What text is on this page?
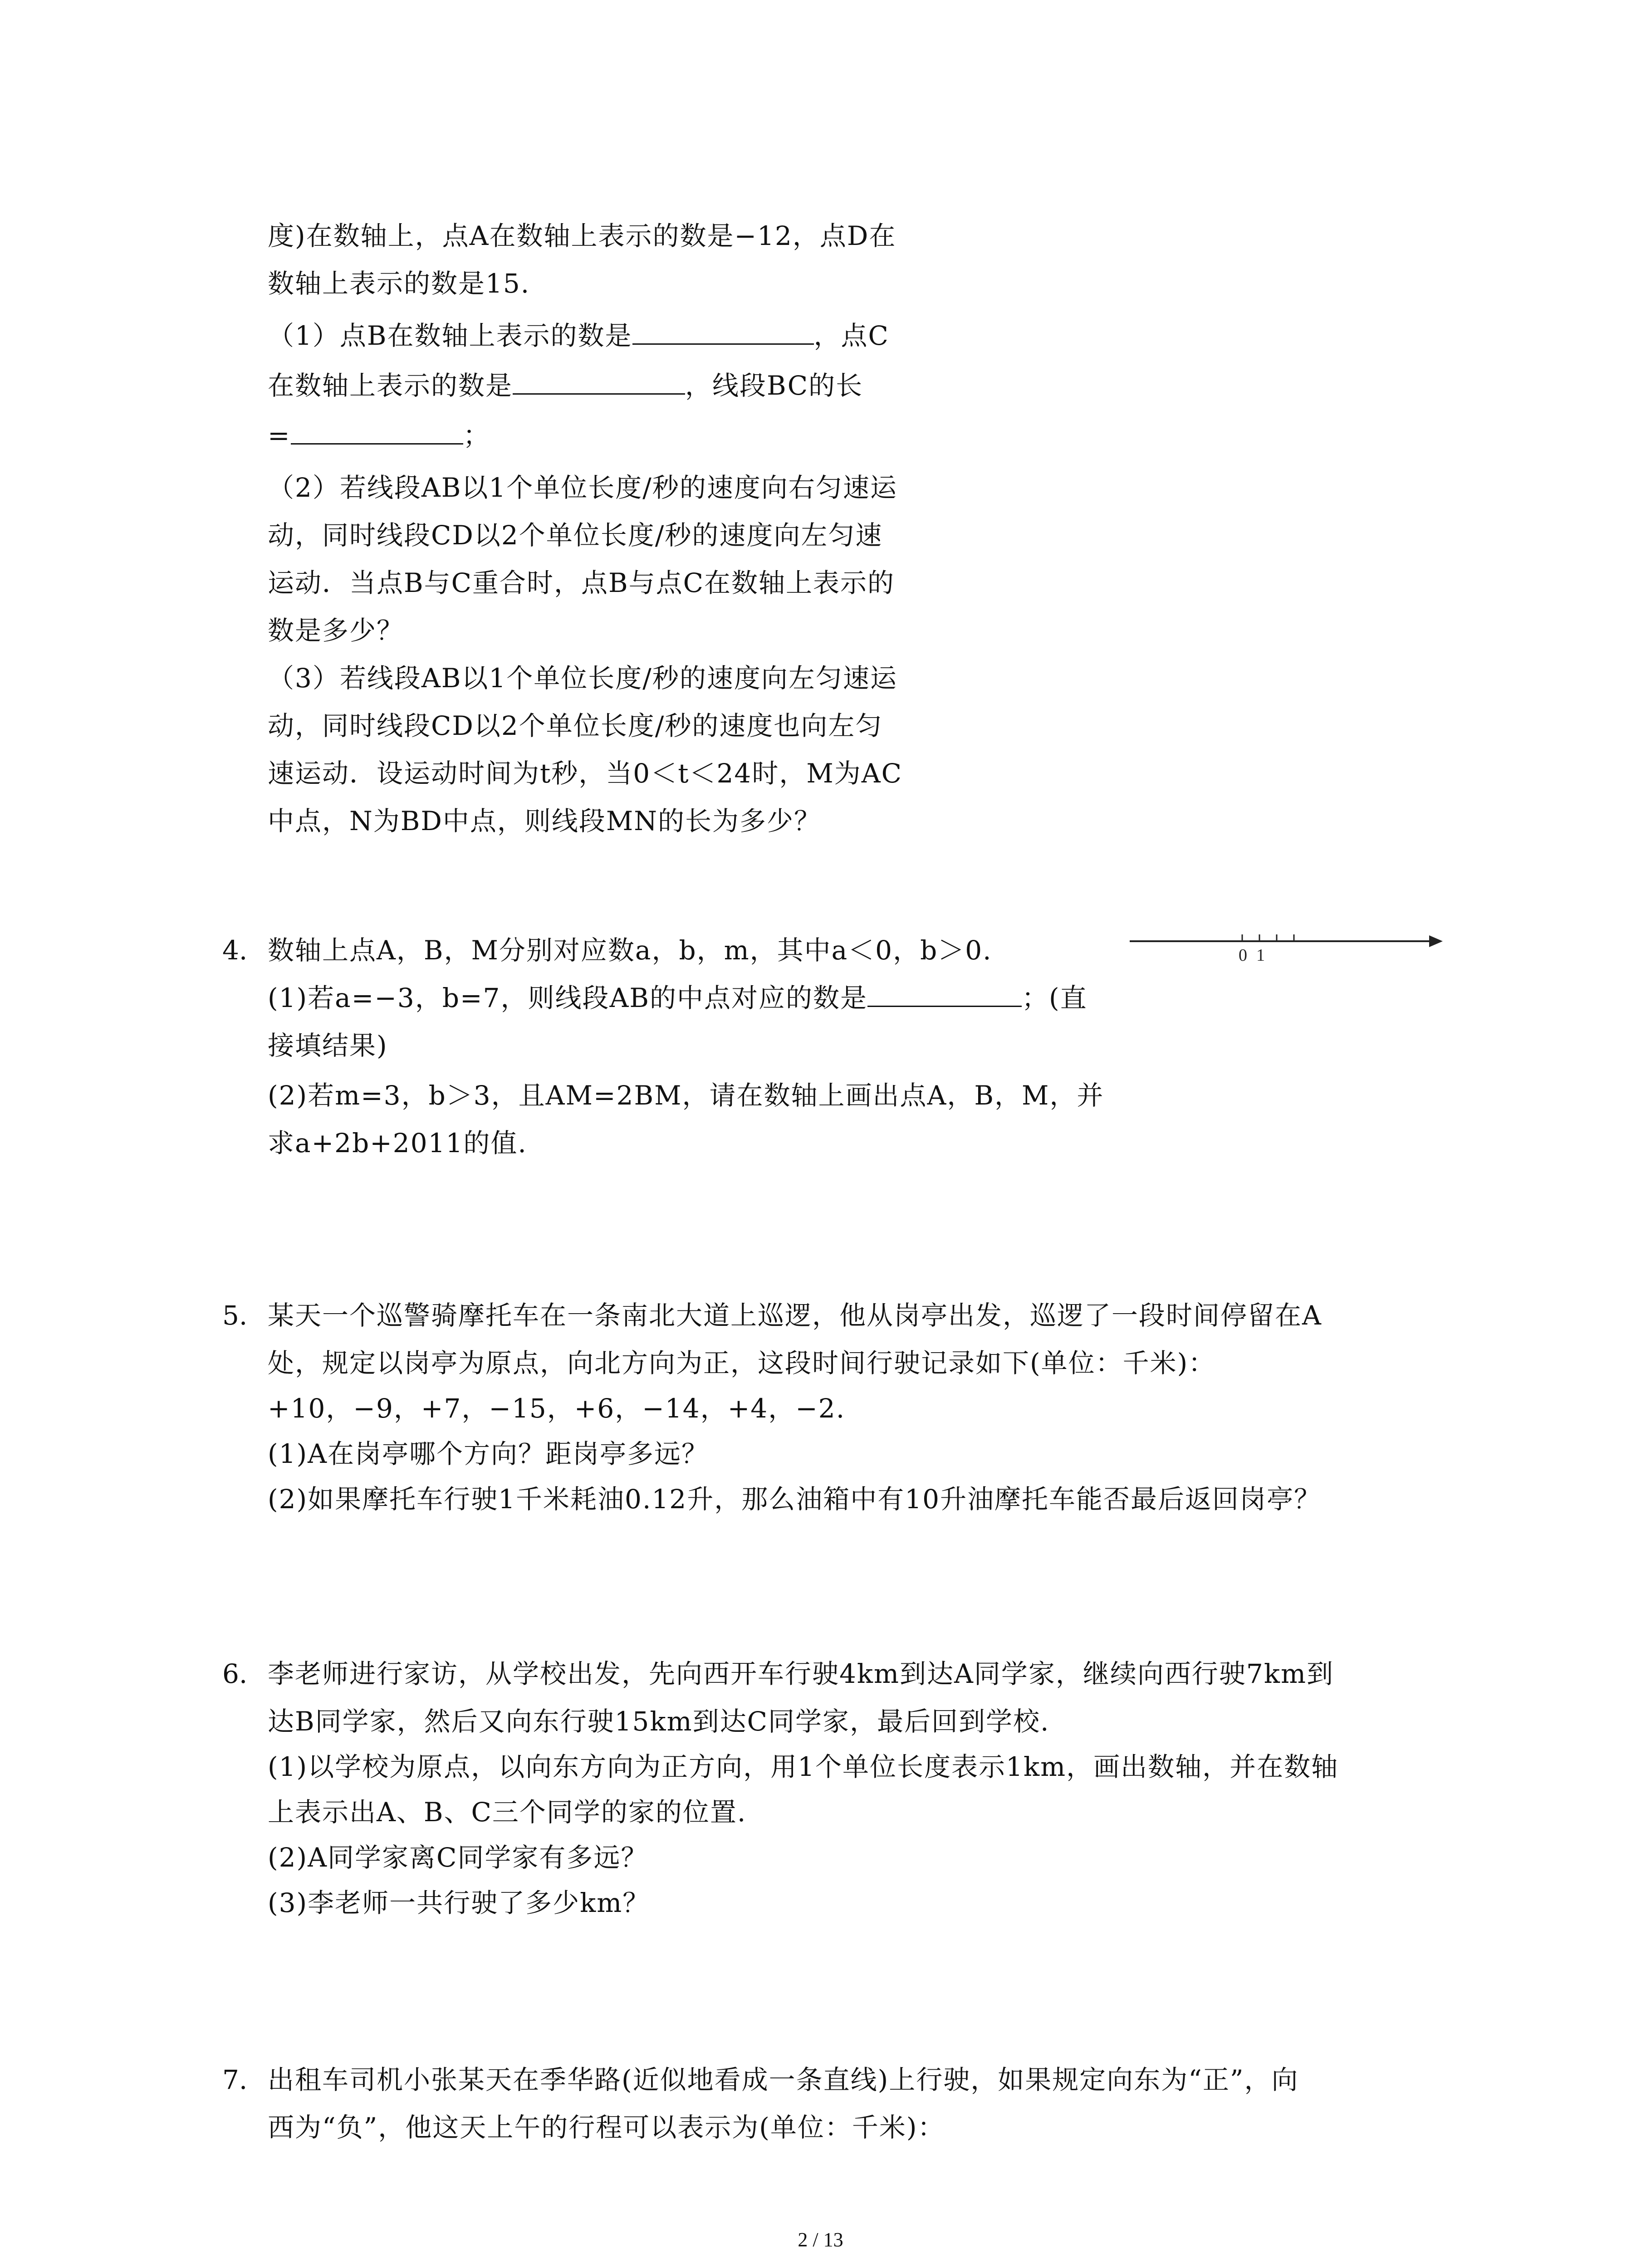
度)在数轴上，点A在数轴上表示的数是−12，点D在
数轴上表示的数是15.
（1）点B在数轴上表示的数是	，点C
在数轴上表示的数是	，线段BC的长
=	；
（2）若线段AB以1个单位长度/秒的速度向右匀速运
动，同时线段CD以2个单位长度/秒的速度向左匀速
运动．当点B与C重合时，点B与点C在数轴上表示的
数是多少？
（3）若线段AB以1个单位长度/秒的速度向左匀速运
动，同时线段CD以2个单位长度/秒的速度也向左匀
速运动．设运动时间为t秒，当0＜t＜24时，M为AC
中点，N为BD中点，则线段MN的长为多少？
4. 数轴上点A，B，M分别对应数a，b，m，其中a＜0，b＞0.	0 1
(1)若a=−3，b=7，则线段AB的中点对应的数是	；(直
接填结果)
(2)若m=3，b＞3，且AM=2BM，请在数轴上画出点A，B，M，并
求a+2b+2011的值.
5. 某天一个巡警骑摩托车在一条南北大道上巡逻，他从岗亭出发，巡逻了一段时间停留在A
处，规定以岗亭为原点，向北方向为正，这段时间行驶记录如下(单位：千米)：
+10，−9，+7，−15，+6，−14，+4，−2.
(1)A在岗亭哪个方向？距岗亭多远？
(2)如果摩托车行驶1千米耗油0.12升，那么油箱中有10升油摩托车能否最后返回岗亭？
6. 李老师进行家访，从学校出发，先向西开车行驶4km到达A同学家，继续向西行驶7km到
达B同学家，然后又向东行驶15km到达C同学家，最后回到学校.
(1)以学校为原点，以向东方向为正方向，用1个单位长度表示1km，画出数轴，并在数轴
上表示出A、B、C三个同学的家的位置.
(2)A同学家离C同学家有多远？
(3)李老师一共行驶了多少km？
7. 出租车司机小张某天在季华路(近似地看成一条直线)上行驶，如果规定向东为“正”，向
西为“负”，他这天上午的行程可以表示为(单位：千米)：
2 / 13
